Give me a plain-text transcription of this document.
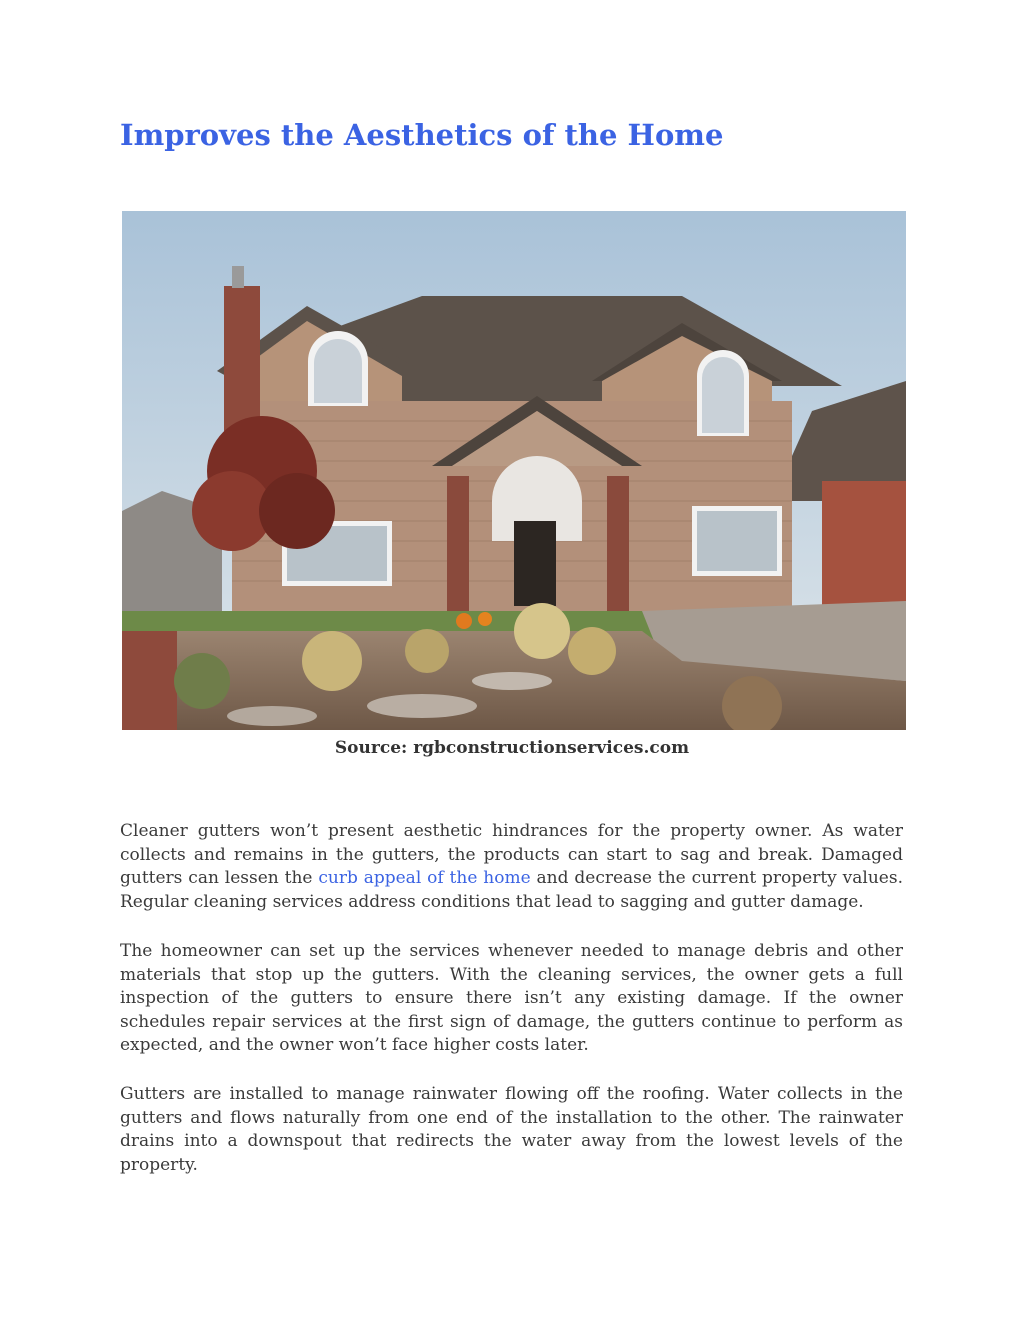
Improves the Aesthetics of the Home
Source: rgbconstructionservices.com

Cleaner gutters won’t present aesthetic hindrances for the property owner. As water collects and remains in the gutters, the products can start to sag and break. Damaged gutters can lessen the curb appeal of the home and decrease the current property values. Regular cleaning services address conditions that lead to sagging and gutter damage.

The homeowner can set up the services whenever needed to manage debris and other materials that stop up the gutters. With the cleaning services, the owner gets a full inspection of the gutters to ensure there isn’t any existing damage. If the owner schedules repair services at the first sign of damage, the gutters continue to perform as expected, and the owner won’t face higher costs later.

Gutters are installed to manage rainwater flowing off the roofing. Water collects in the gutters and flows naturally from one end of the installation to the other. The rainwater drains into a downspout that redirects the water away from the lowest levels of the property.
